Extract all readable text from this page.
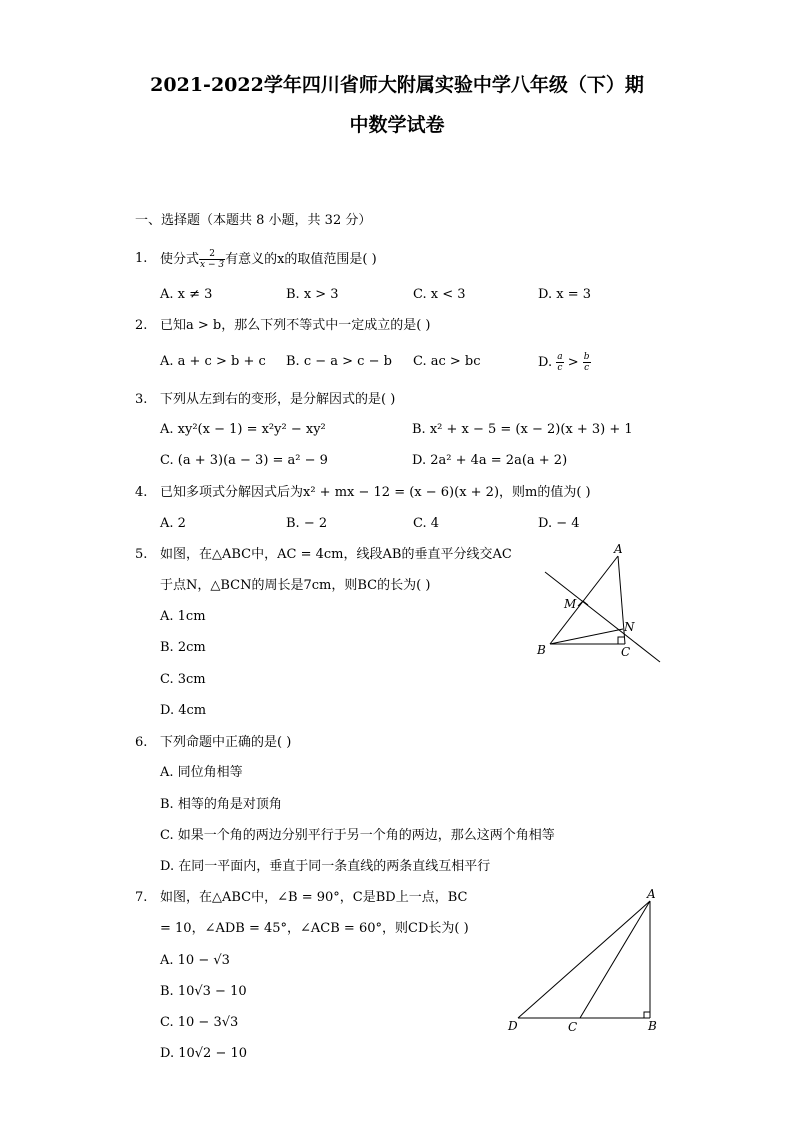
2021-2022学年四川省师大附属实验中学八年级（下）期
中数学试卷
一、选择题（本题共 8 小题，共 32 分）
1. 使分式 $\frac{2}{x - 3}$ 有意义的x的取值范围是( )
A. x ≠ 3	B. x > 3	C. x < 3	D. x = 3
2. 已知a > b，那么下列不等式中一定成立的是( )
A. a + c > b + c B. c − a > c − b C. ac > bc	D. $\frac{a}{c} > \frac{b}{c}$
3. 下列从左到右的变形，是分解因式的是( )
A. xy²(x − 1) = x²y² − xy²	B. x² + x − 5 = (x − 2)(x + 3) + 1
C. (a + 3)(a − 3) = a² − 9	D. 2a² + 4a = 2a(a + 2)
4. 已知多项式分解因式后为x² + mx − 12 = (x − 6)(x + 2)，则m的值为( )
A. 2	B. − 2	C. 4	D. − 4
5. 如图，在△ABC中，AC = 4cm，线段AB的垂直平分线交AC
于点N，△BCN的周长是7cm，则BC的长为( )
A. 1cm
B. 2cm
C. 3cm
D. 4cm
A
M
N
B	C
6. 下列命题中正确的是( )
A. 同位角相等
B. 相等的角是对顶角
C. 如果一个角的两边分别平行于另一个角的两边，那么这两个角相等
D. 在同一平面内，垂直于同一条直线的两条直线互相平行
7. 如图，在△ABC中，∠B = 90°，C是BD上一点，BC
= 10，∠ADB = 45°，∠ACB = 60°，则CD长为( )
A. 10 − √3
B. 10√3 − 10
C. 10 − 3√3
D. 10√2 − 10
A
D	C	B
